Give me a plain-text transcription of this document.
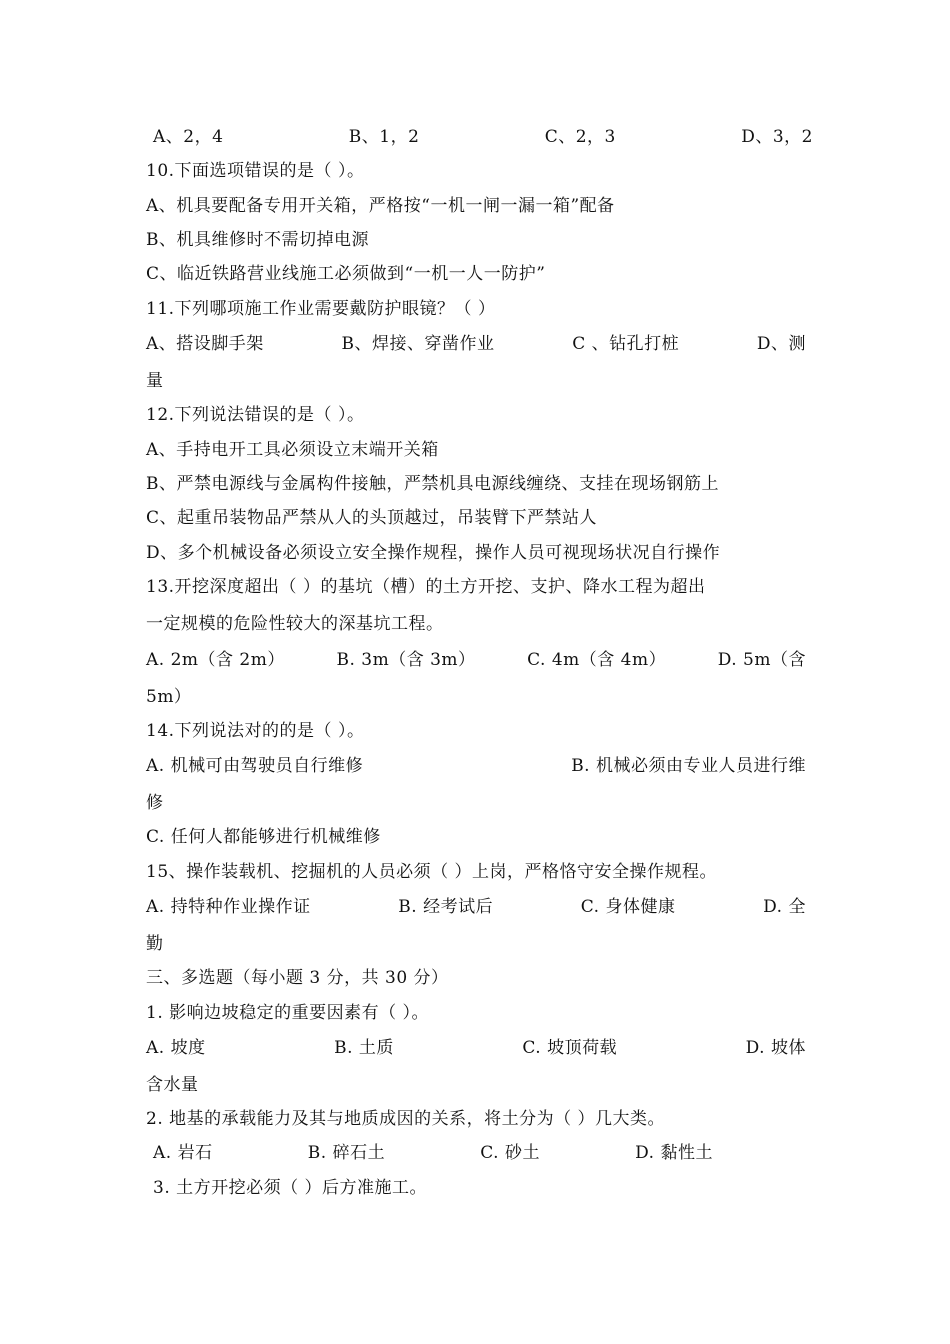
A、2，4	B、1，2	C、2，3	D、3，2
10.下面选项错误的是（ ）。
A、机具要配备专用开关箱，严格按“一机一闸一漏一箱”配备
B、机具维修时不需切掉电源
C、临近铁路营业线施工必须做到“一机一人一防护”
11.下列哪项施工作业需要戴防护眼镜？（ ）
A、搭设脚手架	B、焊接、穿凿作业	C 、钻孔打桩	D、测
量
12.下列说法错误的是（ ）。
A、手持电开工具必须设立末端开关箱
B、严禁电源线与金属构件接触，严禁机具电源线缠绕、支挂在现场钢筋上
C、起重吊装物品严禁从人的头顶越过，吊装臂下严禁站人
D、多个机械设备必须设立安全操作规程，操作人员可视现场状况自行操作
13.开挖深度超出（ ）的基坑（槽）的土方开挖、支护、降水工程为超出
一定规模的危险性较大的深基坑工程。
A. 2m（含 2m）	B. 3m（含 3m）	C. 4m（含 4m）	D. 5m（含
5m）
14.下列说法对的的是（ ）。
A. 机械可由驾驶员自行维修	B. 机械必须由专业人员进行维
修
C. 任何人都能够进行机械维修
15、操作装载机、挖掘机的人员必须（ ）上岗，严格恪守安全操作规程。
A. 持特种作业操作证	B. 经考试后	C. 身体健康	D. 全
勤
三、多选题（每小题 3 分，共 30 分）
1. 影响边坡稳定的重要因素有（ ）。
A. 坡度	B. 土质	C. 坡顶荷载	D. 坡体
含水量
2. 地基的承载能力及其与地质成因的关系，将土分为（ ）几大类。
A. 岩石	B. 碎石土	C. 砂土	D. 黏性土
3. 土方开挖必须（ ）后方准施工。
